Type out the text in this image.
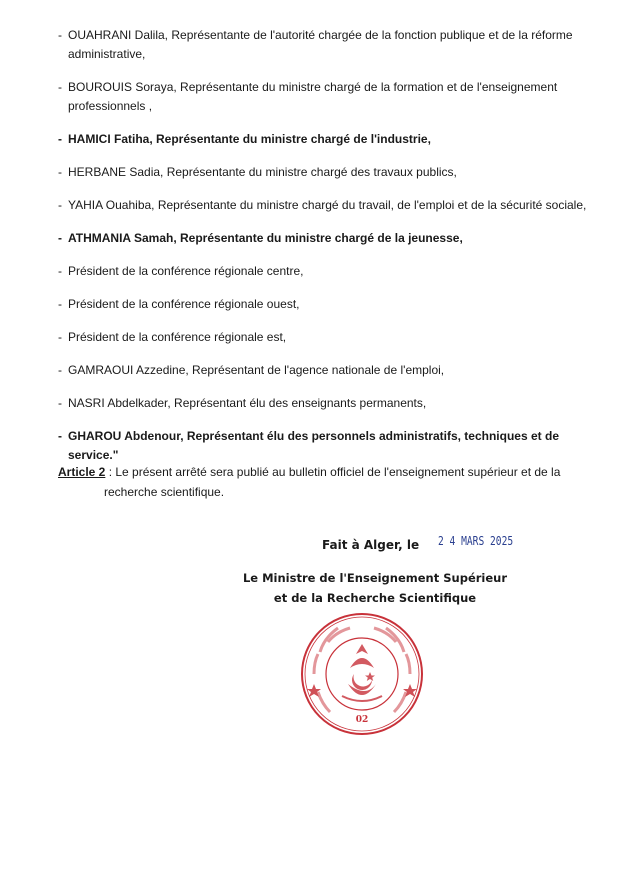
- OUAHRANI Dalila, Représentante de l'autorité chargée de la fonction publique et de la réforme administrative,
- BOUROUIS Soraya, Représentante du ministre chargé de la formation et de l'enseignement professionnels ,
- HAMICI Fatiha, Représentante du ministre chargé de l'industrie,
- HERBANE Sadia, Représentante du ministre chargé des travaux publics,
- YAHIA Ouahiba, Représentante du ministre chargé du travail, de l'emploi et de la sécurité sociale,
- ATHMANIA Samah, Représentante du ministre chargé de la jeunesse,
- Président de la conférence régionale centre,
- Président de la conférence régionale ouest,
- Président de la conférence régionale est,
- GAMRAOUI Azzedine, Représentant de l'agence nationale de l'emploi,
- NASRI Abdelkader, Représentant élu des enseignants permanents,
- GHAROU Abdenour, Représentant élu des personnels administratifs, techniques et de service."
Article 2 : Le présent arrêté sera publié au bulletin officiel de l'enseignement supérieur et de la
recherche scientifique.
Fait à Alger, le 2 4 MARS 2025
Le Ministre de l'Enseignement Supérieur
et de la Recherche Scientifique
02
